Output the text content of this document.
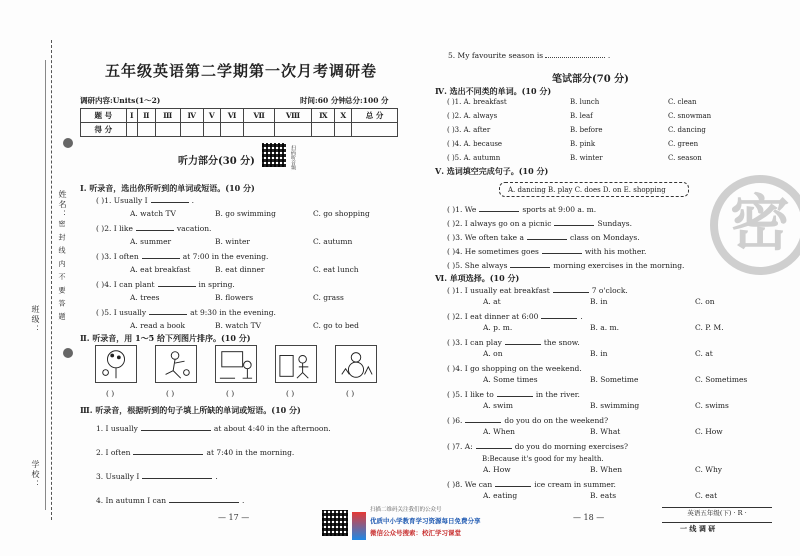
姓名：
密 封 线 内 不 要 答 题
班级：
学校：
五年级英语第二学期第一次月考调研卷
调研内容:Units(1～2)	时间:60 分钟 总分:100 分
题 号	Ⅰ	Ⅱ	Ⅲ	Ⅳ	Ⅴ	Ⅵ	Ⅶ	Ⅷ	Ⅸ	Ⅹ	总 分
得 分											
听力部分(30 分)	扫码听音频
Ⅰ. 听录音，选出你所听到的单词或短语。(10 分)
( )1. Usually I	.
A. watch TV	B. go swimming	C. go shopping
( )2. I like	vacation.
A. summer	B. winter	C. autumn
( )3. I often	at 7:00 in the evening.
A. eat breakfast	B. eat dinner	C. eat lunch
( )4. I can plant	in spring.
A. trees	B. flowers	C. grass
( )5. I usually	at 9:30 in the evening.
A. read a book	B. watch TV	C. go to bed
Ⅱ. 听录音，用 1～5 给下列图片排序。(10 分)
( )	( )	( )	( )	( )
Ⅲ. 听录音，根据听到的句子填上所缺的单词或短语。(10 分)
1. I usually	at about 4:40 in the afternoon.
2. I often	at 7:40 in the morning.
3. Usually I	.
4. In autumn I can	.
5. My favourite season is	.
笔试部分(70 分)
Ⅳ. 选出不同类的单词。(10 分)
( )1. A. breakfast	B. lunch	C. clean
( )2. A. always	B. leaf	C. snowman
( )3. A. after	B. before	C. dancing
( )4. A. because	B. pink	C. green
( )5. A. autumn	B. winter	C. season
Ⅴ. 选词填空完成句子。(10 分)
A. dancing B. play C. does D. on E. shopping
( )1. We	sports at 9:00 a. m.
( )2. I always go on a picnic	Sundays.
( )3. We often take a	class on Mondays.
( )4. He sometimes goes	with his mother.
( )5. She always	morning exercises in the morning.
Ⅵ. 单项选择。(10 分)
( )1. I usually eat breakfast	7 o'clock.
A. at	B. in	C. on
( )2. I eat dinner at 6:00	.
A. p. m.	B. a. m.	C. P. M.
( )3. I can play	the snow.
A. on	B. in	C. at
( )4. I go shopping on the weekend.
A. Some times	B. Sometime	C. Sometimes
( )5. I like to	in the river.
A. swim	B. swimming	C. swims
( )6.	do you do on the weekend?
A. When	B. What	C. How
( )7. A:	do you do morning exercises?
B:Because it's good for my health.
A. How	B. When	C. Why
( )8. We can	ice cream in summer.
A. eating	B. eats	C. eat
密
— 17 —	— 18 —
扫描二维码关注我们的公众号
优质中小学教育学习资源每日免费分享
微信公众号搜索：校汇学习课堂
英语五年级(下) · R ·
一 线 调 研
